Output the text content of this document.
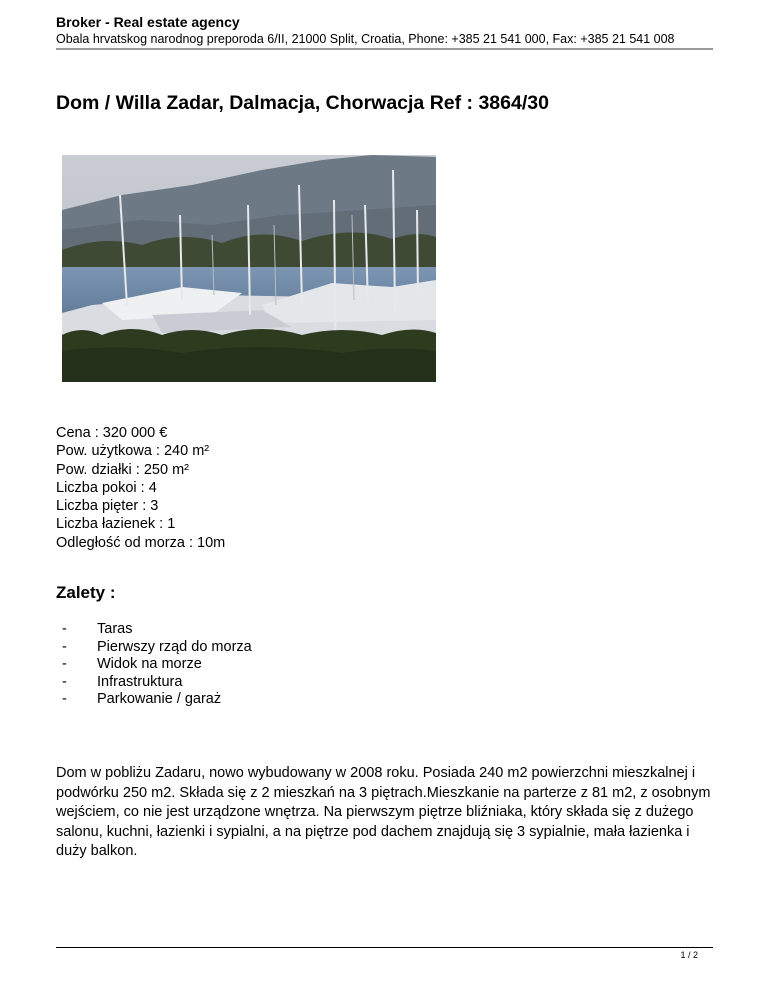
Broker - Real estate agency
Obala hrvatskog narodnog preporoda 6/II, 21000 Split, Croatia, Phone: +385 21 541 000, Fax: +385 21 541 008
Dom / Willa Zadar, Dalmacja, Chorwacja Ref : 3864/30
Cena : 320 000 €
Pow. użytkowa : 240 m²
Pow. działki : 250 m²
Liczba pokoi : 4
Liczba pięter : 3
Liczba łazienek : 1
Odległość od morza : 10m
Zalety :
- Taras
- Pierwszy rząd do morza
- Widok na morze
- Infrastruktura
- Parkowanie / garaż

Dom w pobliżu Zadaru, nowo wybudowany w 2008 roku. Posiada 240 m2 powierzchni mieszkalnej i podwórku 250 m2. Składa się z 2 mieszkań na 3 piętrach.Mieszkanie na parterze z 81 m2, z osobnym wejściem, co nie jest urządzone wnętrza. Na pierwszym piętrze bliźniaka, który składa się z dużego salonu, kuchni, łazienki i sypialni, a na piętrze pod dachem znajdują się 3 sypialnie, mała łazienka i duży balkon.

1 / 2
